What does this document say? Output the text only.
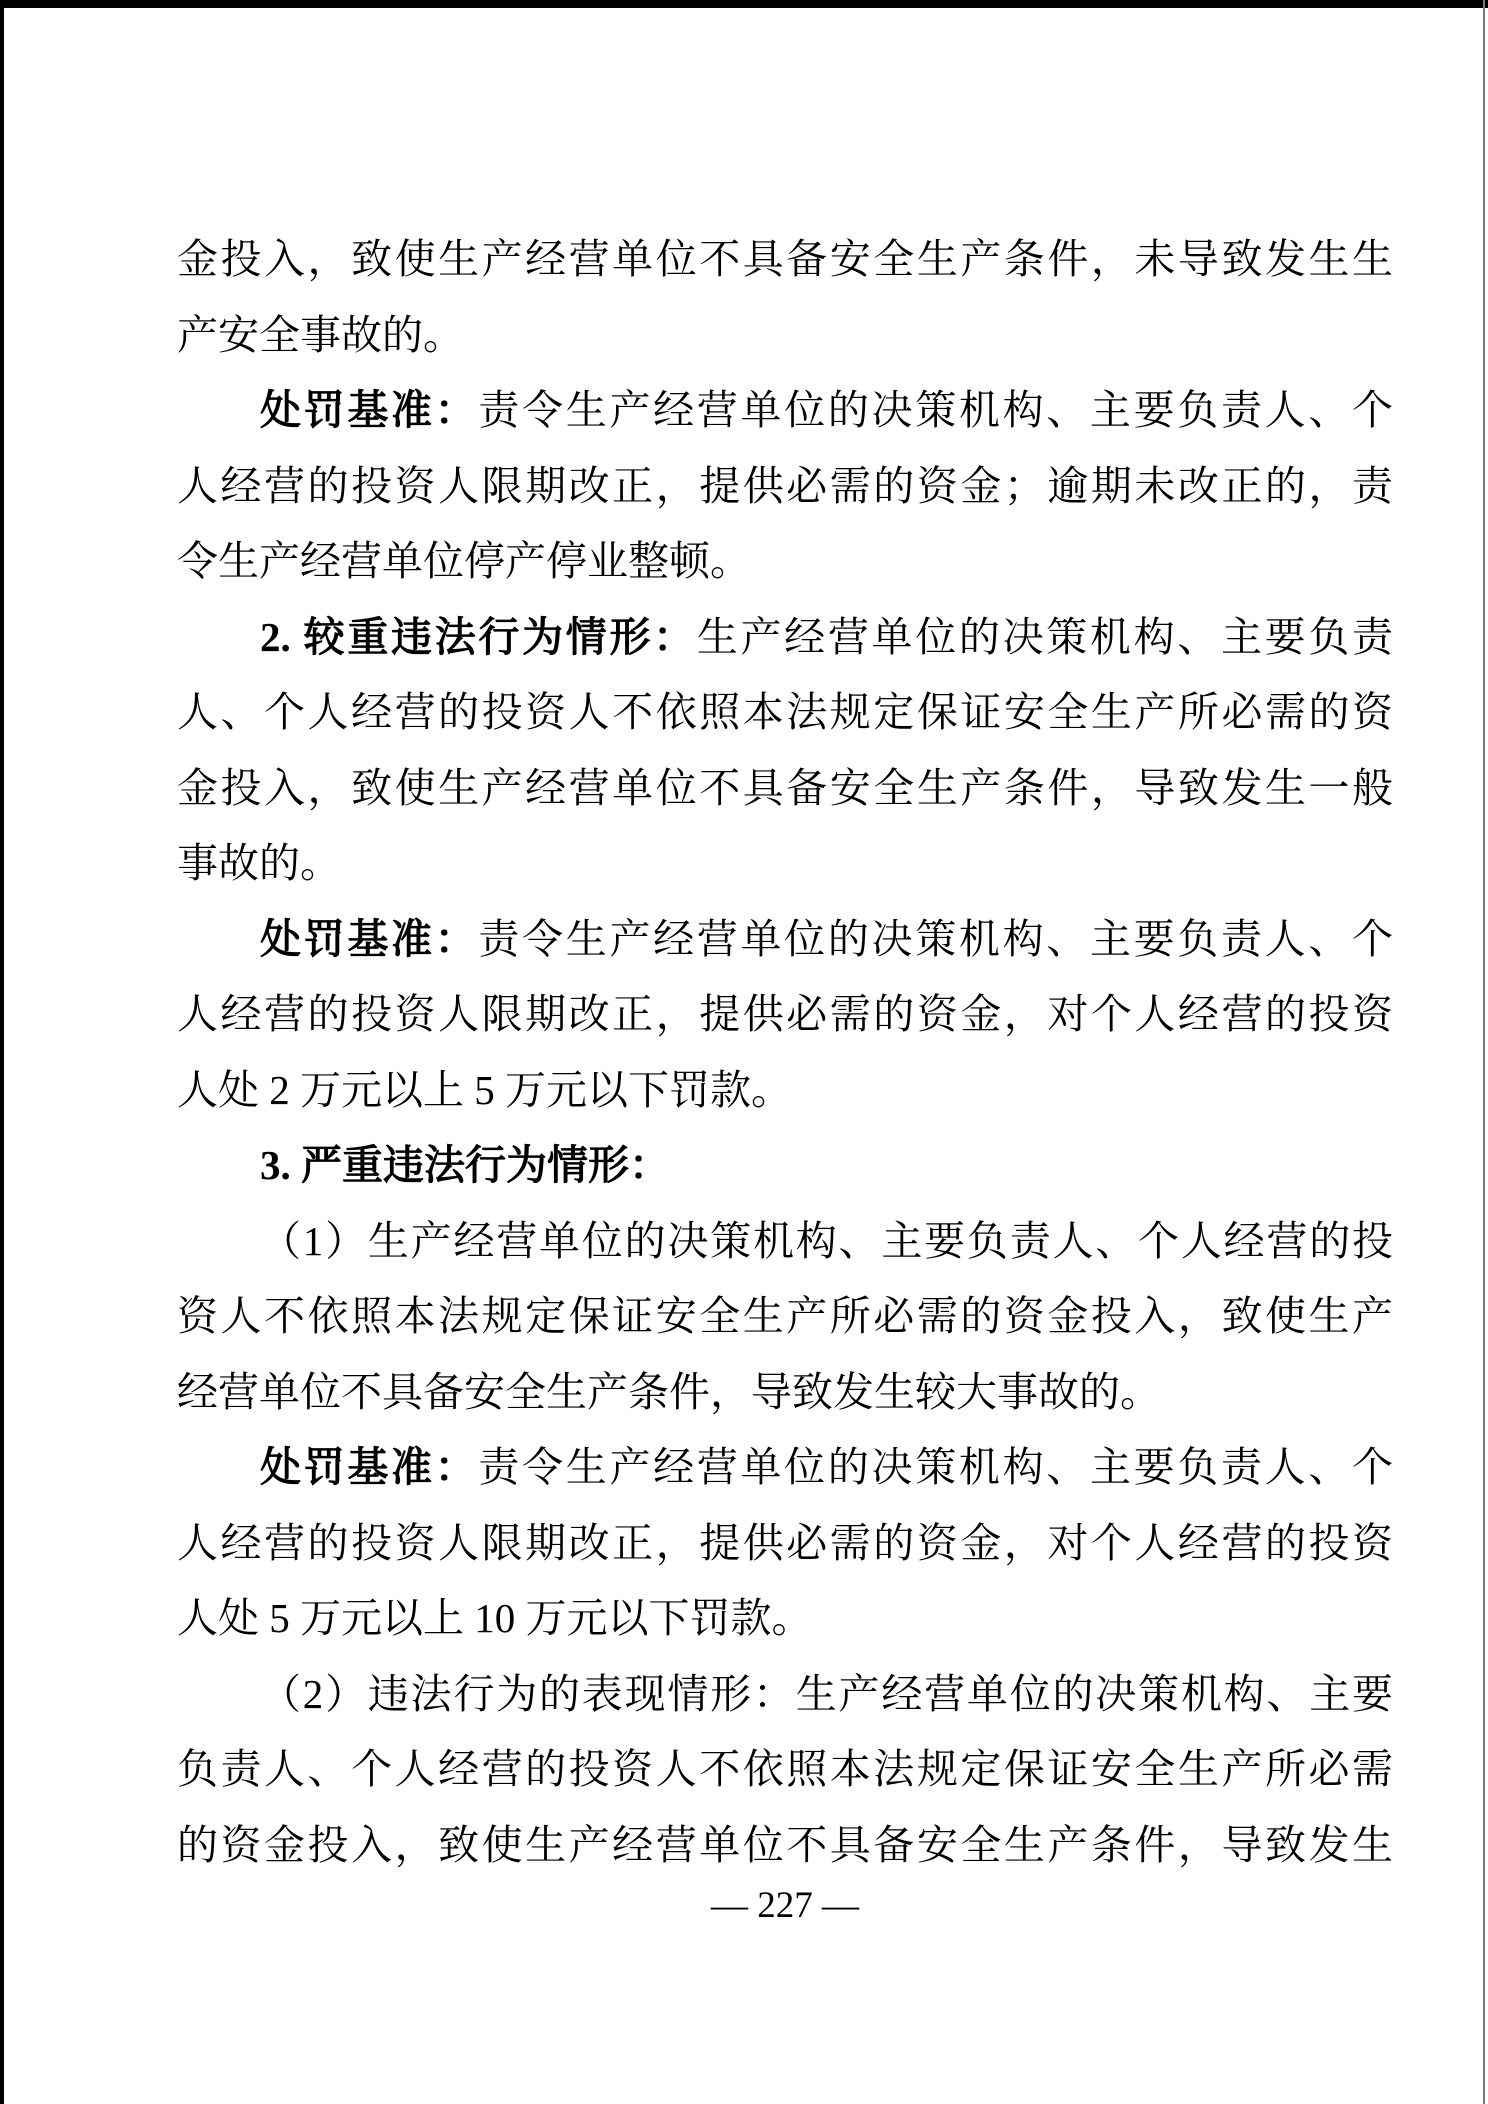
金投入，致使生产经营单位不具备安全生产条件，未导致发生生
产安全事故的。
处罚基准：责令生产经营单位的决策机构、主要负责人、个
人经营的投资人限期改正，提供必需的资金；逾期未改正的，责
令生产经营单位停产停业整顿。
2. 较重违法行为情形：生产经营单位的决策机构、主要负责
人、个人经营的投资人不依照本法规定保证安全生产所必需的资
金投入，致使生产经营单位不具备安全生产条件，导致发生一般
事故的。
处罚基准：责令生产经营单位的决策机构、主要负责人、个
人经营的投资人限期改正，提供必需的资金，对个人经营的投资
人处 2 万元以上 5 万元以下罚款。
3. 严重违法行为情形：
（1）生产经营单位的决策机构、主要负责人、个人经营的投
资人不依照本法规定保证安全生产所必需的资金投入，致使生产
经营单位不具备安全生产条件，导致发生较大事故的。
处罚基准：责令生产经营单位的决策机构、主要负责人、个
人经营的投资人限期改正，提供必需的资金，对个人经营的投资
人处 5 万元以上 10 万元以下罚款。
（2）违法行为的表现情形：生产经营单位的决策机构、主要
负责人、个人经营的投资人不依照本法规定保证安全生产所必需
的资金投入，致使生产经营单位不具备安全生产条件，导致发生
— 227 —
